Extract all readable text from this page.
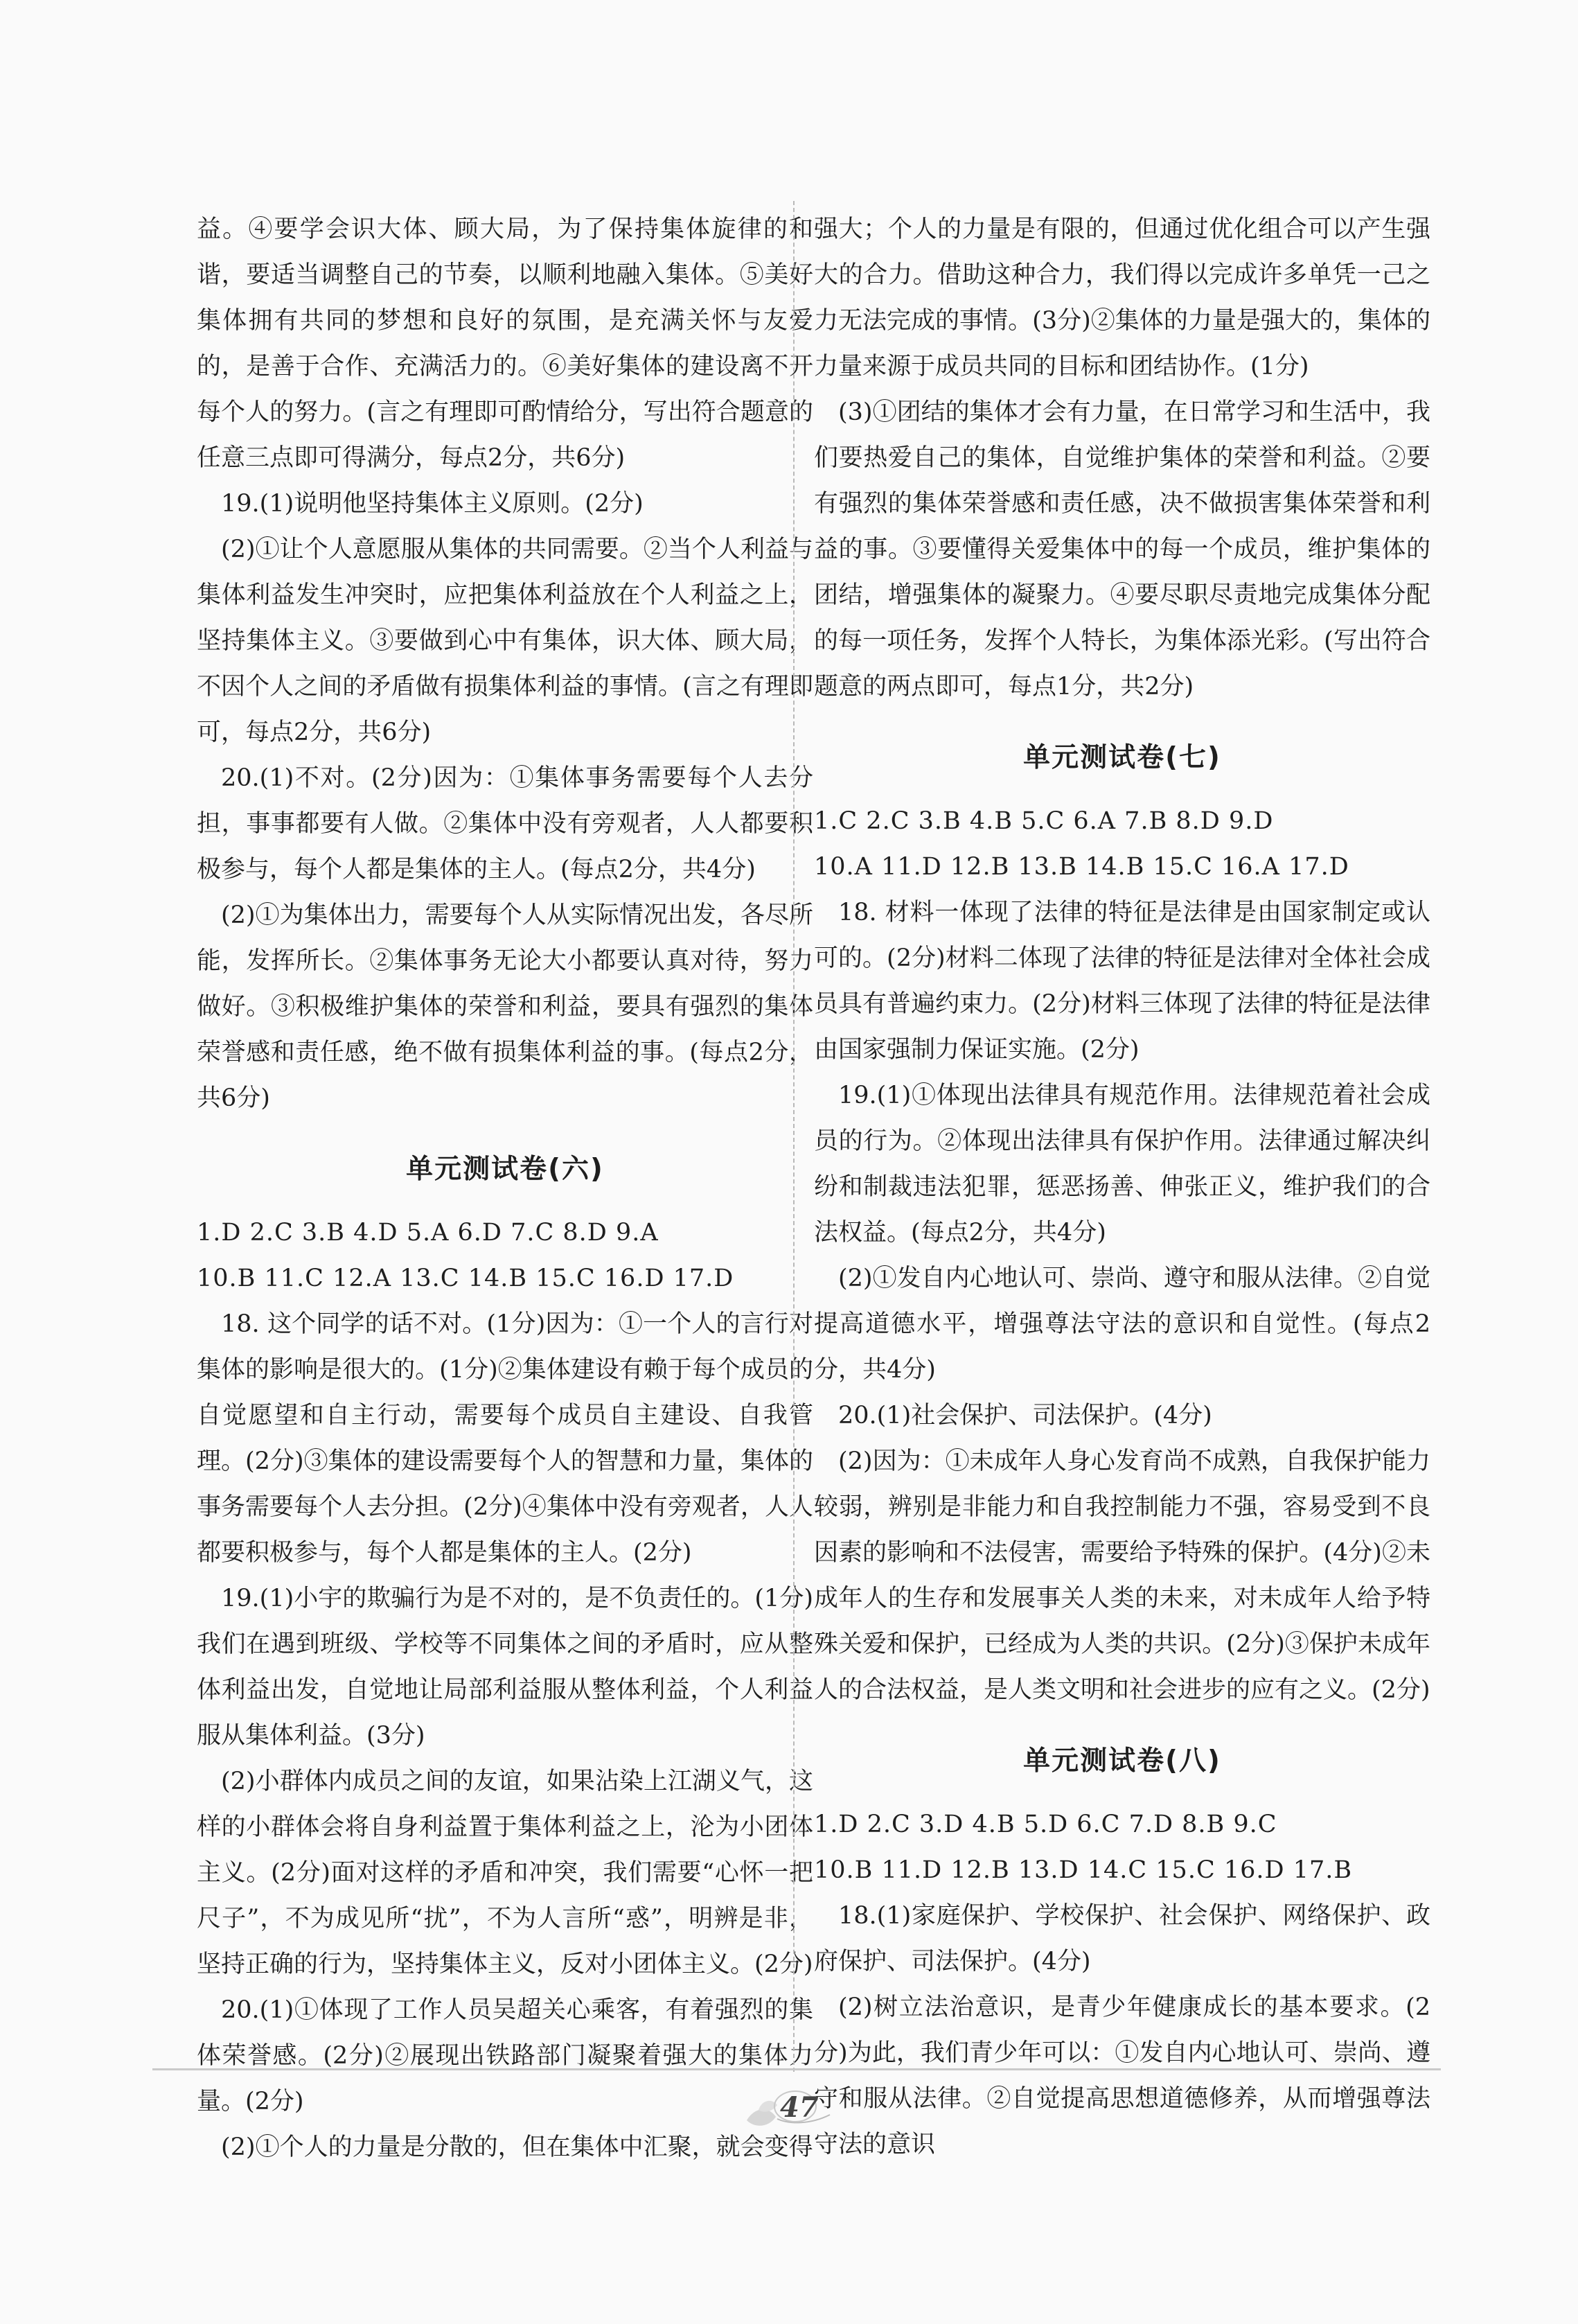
益。④要学会识大体、顾大局，为了保持集体旋律的和谐，要适当调整自己的节奏，以顺利地融入集体。⑤美好集体拥有共同的梦想和良好的氛围，是充满关怀与友爱的，是善于合作、充满活力的。⑥美好集体的建设离不开每个人的努力。(言之有理即可酌情给分，写出符合题意的任意三点即可得满分，每点2分，共6分)

19.(1)说明他坚持集体主义原则。(2分)

(2)①让个人意愿服从集体的共同需要。②当个人利益与集体利益发生冲突时，应把集体利益放在个人利益之上，坚持集体主义。③要做到心中有集体，识大体、顾大局，不因个人之间的矛盾做有损集体利益的事情。(言之有理即可，每点2分，共6分)

20.(1)不对。(2分)因为：①集体事务需要每个人去分担，事事都要有人做。②集体中没有旁观者，人人都要积极参与，每个人都是集体的主人。(每点2分，共4分)

(2)①为集体出力，需要每个人从实际情况出发，各尽所能，发挥所长。②集体事务无论大小都要认真对待，努力做好。③积极维护集体的荣誉和利益，要具有强烈的集体荣誉感和责任感，绝不做有损集体利益的事。(每点2分，共6分)

单元测试卷(六)

1.D 2.C 3.B 4.D 5.A 6.D 7.C 8.D 9.A

10.B 11.C 12.A 13.C 14.B 15.C 16.D 17.D

18. 这个同学的话不对。(1分)因为：①一个人的言行对集体的影响是很大的。(1分)②集体建设有赖于每个成员的自觉愿望和自主行动，需要每个成员自主建设、自我管理。(2分)③集体的建设需要每个人的智慧和力量，集体的事务需要每个人去分担。(2分)④集体中没有旁观者，人人都要积极参与，每个人都是集体的主人。(2分)

19.(1)小宇的欺骗行为是不对的，是不负责任的。(1分)我们在遇到班级、学校等不同集体之间的矛盾时，应从整体利益出发，自觉地让局部利益服从整体利益，个人利益服从集体利益。(3分)

(2)小群体内成员之间的友谊，如果沾染上江湖义气，这样的小群体会将自身利益置于集体利益之上，沦为小团体主义。(2分)面对这样的矛盾和冲突，我们需要“心怀一把尺子”，不为成见所“扰”，不为人言所“惑”，明辨是非，坚持正确的行为，坚持集体主义，反对小团体主义。(2分)

20.(1)①体现了工作人员吴超关心乘客，有着强烈的集体荣誉感。(2分)②展现出铁路部门凝聚着强大的集体力量。(2分)

(2)①个人的力量是分散的，但在集体中汇聚，就会变得

强大；个人的力量是有限的，但通过优化组合可以产生强大的合力。借助这种合力，我们得以完成许多单凭一己之力无法完成的事情。(3分)②集体的力量是强大的，集体的力量来源于成员共同的目标和团结协作。(1分)

(3)①团结的集体才会有力量，在日常学习和生活中，我们要热爱自己的集体，自觉维护集体的荣誉和利益。②要有强烈的集体荣誉感和责任感，决不做损害集体荣誉和利益的事。③要懂得关爱集体中的每一个成员，维护集体的团结，增强集体的凝聚力。④要尽职尽责地完成集体分配的每一项任务，发挥个人特长，为集体添光彩。(写出符合题意的两点即可，每点1分，共2分)

单元测试卷(七)

1.C 2.C 3.B 4.B 5.C 6.A 7.B 8.D 9.D

10.A 11.D 12.B 13.B 14.B 15.C 16.A 17.D

18. 材料一体现了法律的特征是法律是由国家制定或认可的。(2分)材料二体现了法律的特征是法律对全体社会成员具有普遍约束力。(2分)材料三体现了法律的特征是法律由国家强制力保证实施。(2分)

19.(1)①体现出法律具有规范作用。法律规范着社会成员的行为。②体现出法律具有保护作用。法律通过解决纠纷和制裁违法犯罪，惩恶扬善、伸张正义，维护我们的合法权益。(每点2分，共4分)

(2)①发自内心地认可、崇尚、遵守和服从法律。②自觉提高道德水平，增强尊法守法的意识和自觉性。(每点2分，共4分)

20.(1)社会保护、司法保护。(4分)

(2)因为：①未成年人身心发育尚不成熟，自我保护能力较弱，辨别是非能力和自我控制能力不强，容易受到不良因素的影响和不法侵害，需要给予特殊的保护。(4分)②未成年人的生存和发展事关人类的未来，对未成年人给予特殊关爱和保护，已经成为人类的共识。(2分)③保护未成年人的合法权益，是人类文明和社会进步的应有之义。(2分)

单元测试卷(八)

1.D 2.C 3.D 4.B 5.D 6.C 7.D 8.B 9.C

10.B 11.D 12.B 13.D 14.C 15.C 16.D 17.B

18.(1)家庭保护、学校保护、社会保护、网络保护、政府保护、司法保护。(4分)

(2)树立法治意识，是青少年健康成长的基本要求。(2分)为此，我们青少年可以：①发自内心地认可、崇尚、遵守和服从法律。②自觉提高思想道德修养，从而增强尊法守法的意识

47
